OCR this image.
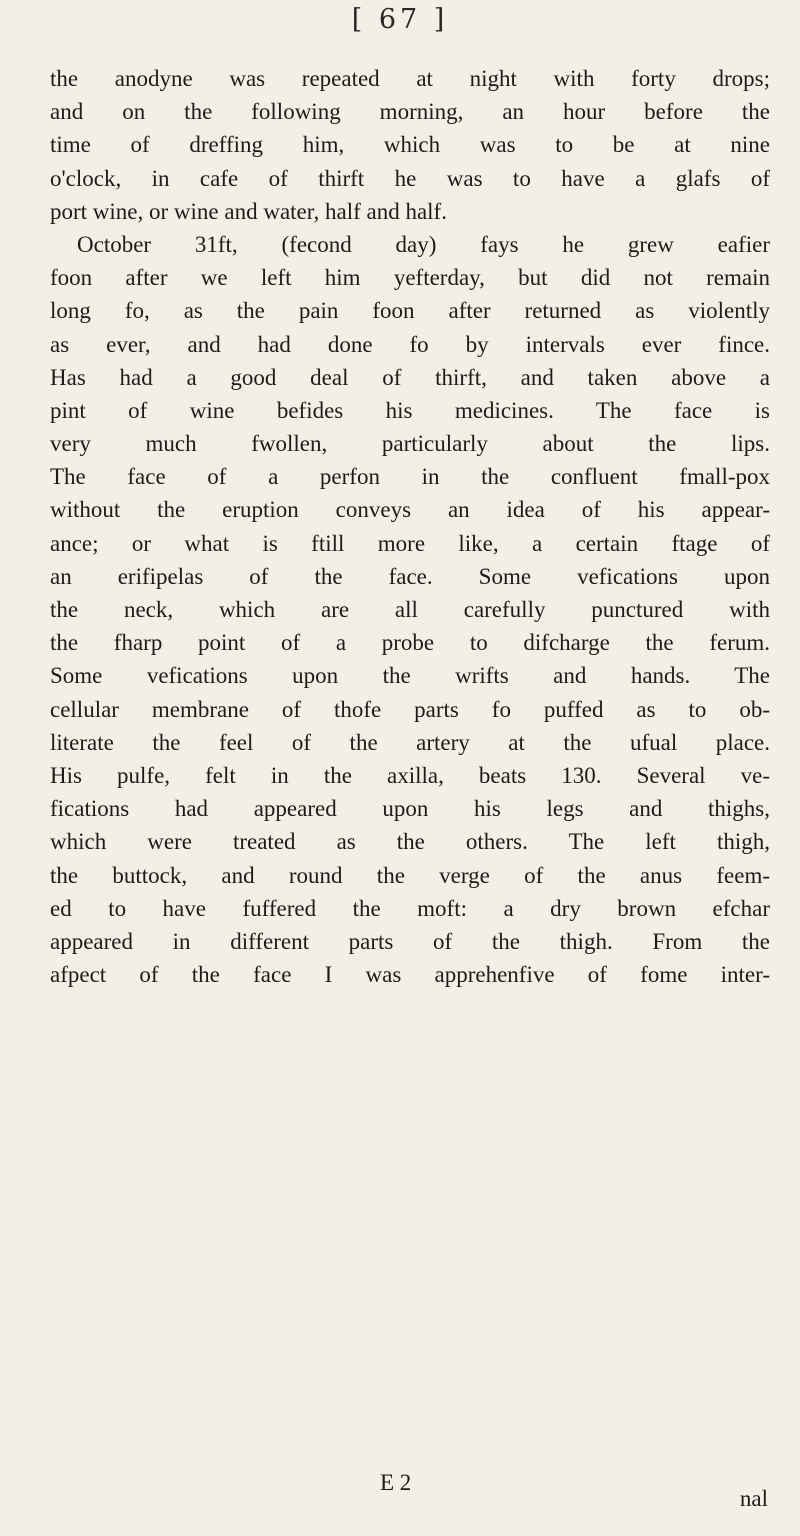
[ 67 ]
the anodyne was repeated at night with forty drops;
and on the following morning, an hour before the
time of dreffing him, which was to be at nine
o'clock, in cafe of thirft he was to have a glafs of
port wine, or wine and water, half and half.
October 31ft, (fecond day) fays he grew eafier
foon after we left him yefterday, but did not remain
long fo, as the pain foon after returned as violently
as ever, and had done fo by intervals ever fince.
Has had a good deal of thirft, and taken above a
pint of wine befides his medicines. The face is
very much fwollen, particularly about the lips.
The face of a perfon in the confluent fmall-pox
without the eruption conveys an idea of his appear-
ance; or what is ftill more like, a certain ftage of
an erifipelas of the face. Some vefications upon
the neck, which are all carefully punctured with
the fharp point of a probe to difcharge the ferum.
Some vefications upon the wrifts and hands. The
cellular membrane of thofe parts fo puffed as to ob-
literate the feel of the artery at the ufual place.
His pulfe, felt in the axilla, beats 130. Several ve-
fications had appeared upon his legs and thighs,
which were treated as the others. The left thigh,
the buttock, and round the verge of the anus feem-
ed to have fuffered the moft: a dry brown efchar
appeared in different parts of the thigh. From the
afpect of the face I was apprehenfive of fome inter-
E 2
nal
